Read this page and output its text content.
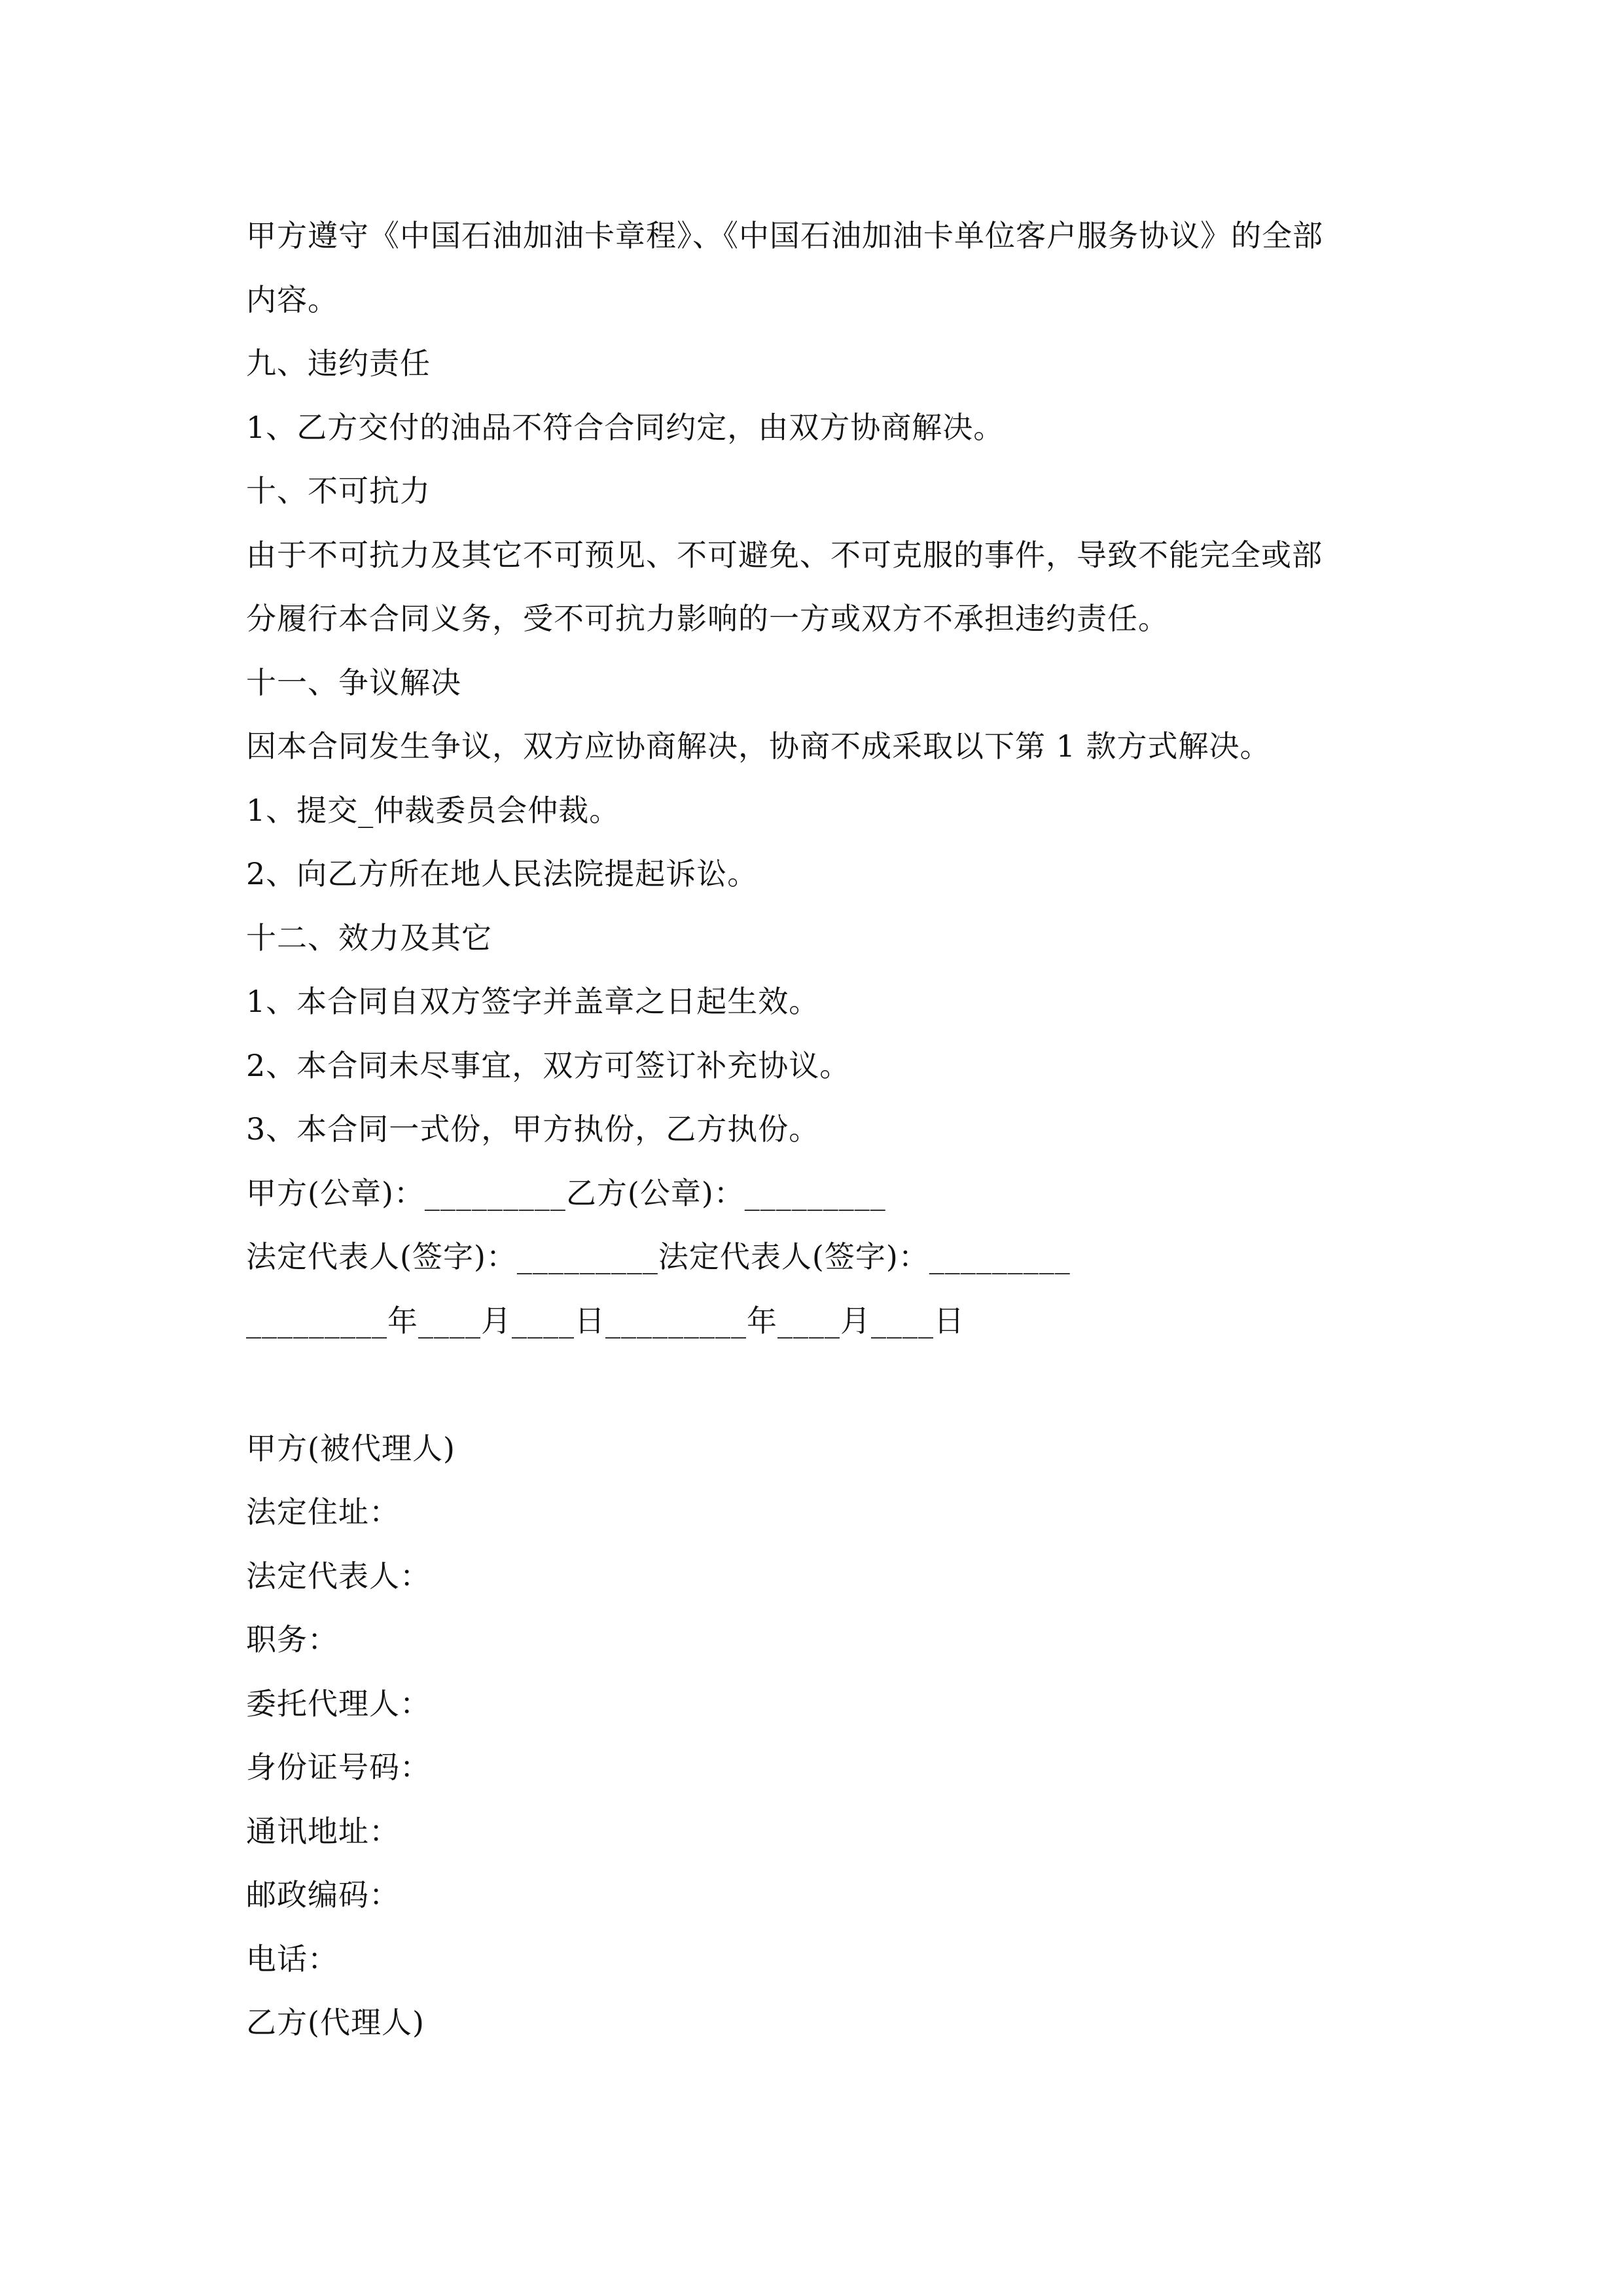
甲方遵守《中国石油加油卡章程》、《中国石油加油卡单位客户服务协议》的全部
内容。
九、违约责任
1、乙方交付的油品不符合合同约定，由双方协商解决。
十、不可抗力
由于不可抗力及其它不可预见、不可避免、不可克服的事件，导致不能完全或部
分履行本合同义务，受不可抗力影响的一方或双方不承担违约责任。
十一、争议解决
因本合同发生争议，双方应协商解决，协商不成采取以下第 1 款方式解决。
1、提交_仲裁委员会仲裁。
2、向乙方所在地人民法院提起诉讼。
十二、效力及其它
1、本合同自双方签字并盖章之日起生效。
2、本合同未尽事宜，双方可签订补充协议。
3、本合同一式份，甲方执份，乙方执份。
甲方(公章)：_________乙方(公章)：_________
法定代表人(签字)：_________法定代表人(签字)：_________
_________年____月____日_________年____月____日
甲方(被代理人)
法定住址：
法定代表人：
职务：
委托代理人：
身份证号码：
通讯地址：
邮政编码：
电话：
乙方(代理人)
